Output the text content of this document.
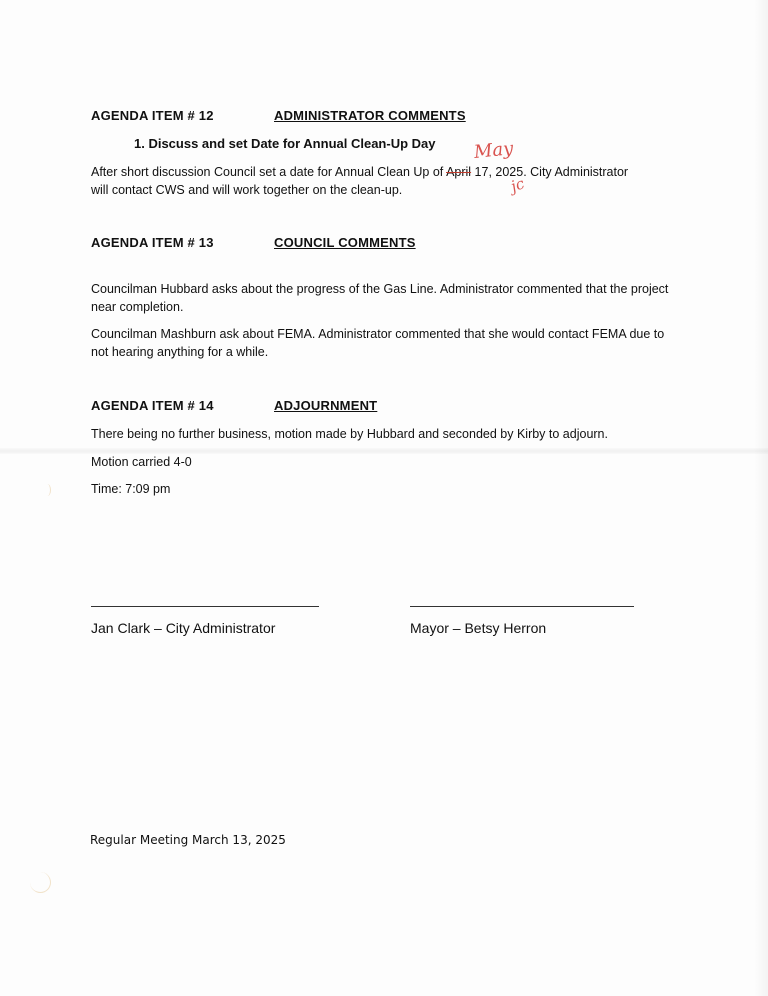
AGENDA ITEM # 12	ADMINISTRATOR COMMENTS
1. Discuss and set Date for Annual Clean-Up Day May
jc
After short discussion Council set a date for Annual Clean Up of April 17, 2025. City Administrator
will contact CWS and will work together on the clean-up.
AGENDA ITEM # 13	COUNCIL COMMENTS
Councilman Hubbard asks about the progress of the Gas Line. Administrator commented that the project near completion.
Councilman Mashburn ask about FEMA. Administrator commented that she would contact FEMA due to not hearing anything for a while.
AGENDA ITEM # 14	ADJOURNMENT
There being no further business, motion made by Hubbard and seconded by Kirby to adjourn.
Motion carried 4-0
Time: 7:09 pm
Jan Clark – City Administrator	Mayor – Betsy Herron
Regular Meeting March 13, 2025
